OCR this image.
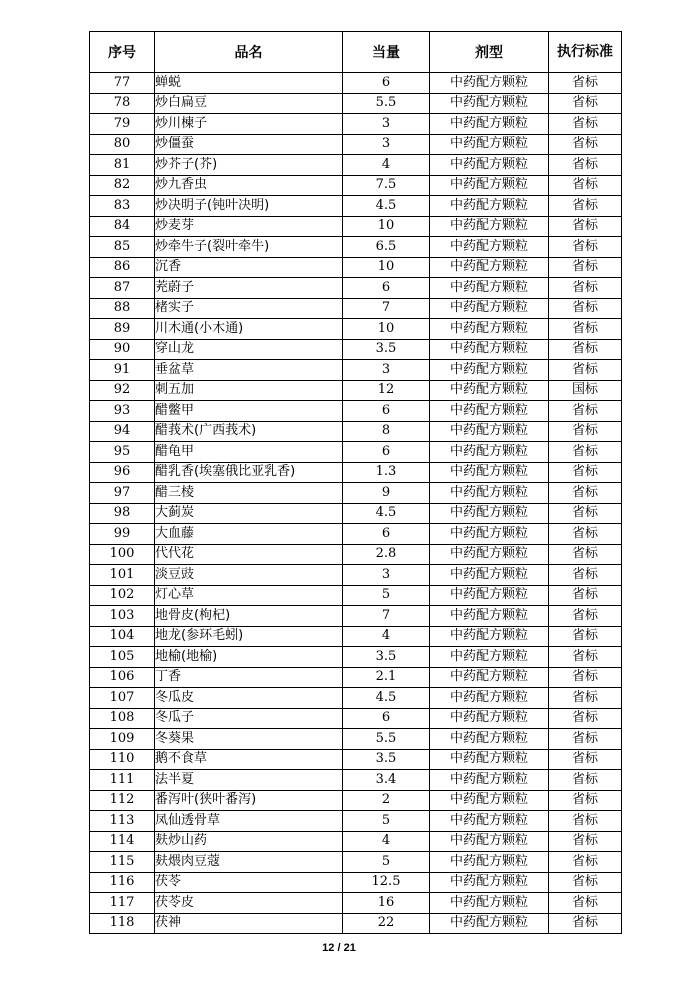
序号	品名	当量	剂型	执行标准
77	蝉蜕	6	中药配方颗粒	省标
78	炒白扁豆	5.5	中药配方颗粒	省标
79	炒川楝子	3	中药配方颗粒	省标
80	炒僵蚕	3	中药配方颗粒	省标
81	炒芥子(芥)	4	中药配方颗粒	省标
82	炒九香虫	7.5	中药配方颗粒	省标
83	炒决明子(钝叶决明)	4.5	中药配方颗粒	省标
84	炒麦芽	10	中药配方颗粒	省标
85	炒牵牛子(裂叶牵牛)	6.5	中药配方颗粒	省标
86	沉香	10	中药配方颗粒	省标
87	茺蔚子	6	中药配方颗粒	省标
88	楮实子	7	中药配方颗粒	省标
89	川木通(小木通)	10	中药配方颗粒	省标
90	穿山龙	3.5	中药配方颗粒	省标
91	垂盆草	3	中药配方颗粒	省标
92	刺五加	12	中药配方颗粒	国标
93	醋鳖甲	6	中药配方颗粒	省标
94	醋莪术(广西莪术)	8	中药配方颗粒	省标
95	醋龟甲	6	中药配方颗粒	省标
96	醋乳香(埃塞俄比亚乳香)	1.3	中药配方颗粒	省标
97	醋三棱	9	中药配方颗粒	省标
98	大蓟炭	4.5	中药配方颗粒	省标
99	大血藤	6	中药配方颗粒	省标
100	代代花	2.8	中药配方颗粒	省标
101	淡豆豉	3	中药配方颗粒	省标
102	灯心草	5	中药配方颗粒	省标
103	地骨皮(枸杞)	7	中药配方颗粒	省标
104	地龙(参环毛蚓)	4	中药配方颗粒	省标
105	地榆(地榆)	3.5	中药配方颗粒	省标
106	丁香	2.1	中药配方颗粒	省标
107	冬瓜皮	4.5	中药配方颗粒	省标
108	冬瓜子	6	中药配方颗粒	省标
109	冬葵果	5.5	中药配方颗粒	省标
110	鹅不食草	3.5	中药配方颗粒	省标
111	法半夏	3.4	中药配方颗粒	省标
112	番泻叶(狭叶番泻)	2	中药配方颗粒	省标
113	凤仙透骨草	5	中药配方颗粒	省标
114	麸炒山药	4	中药配方颗粒	省标
115	麸煨肉豆蔻	5	中药配方颗粒	省标
116	茯苓	12.5	中药配方颗粒	省标
117	茯苓皮	16	中药配方颗粒	省标
118	茯神	22	中药配方颗粒	省标
12 / 21
